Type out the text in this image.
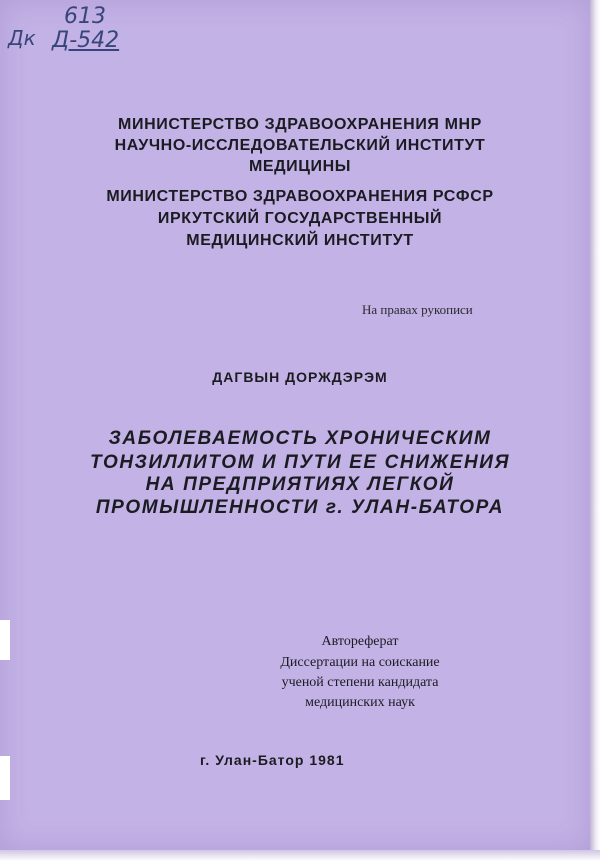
613
Дк Д-542
МИНИСТЕРСТВО ЗДРАВООХРАНЕНИЯ МНР
НАУЧНО-ИССЛЕДОВАТЕЛЬСКИЙ ИНСТИТУТ
МЕДИЦИНЫ
МИНИСТЕРСТВО ЗДРАВООХРАНЕНИЯ РСФСР
ИРКУТСКИЙ ГОСУДАРСТВЕННЫЙ
МЕДИЦИНСКИЙ ИНСТИТУТ
На правах рукописи
ДАГВЫН ДОРЖДЭРЭМ
ЗАБОЛЕВАЕМОСТЬ ХРОНИЧЕСКИМ
ТОНЗИЛЛИТОМ И ПУТИ ЕЕ СНИЖЕНИЯ
НА ПРЕДПРИЯТИЯХ ЛЕГКОЙ
ПРОМЫШЛЕННОСТИ г. УЛАН-БАТОРА
Автореферат
Диссертации на соискание
ученой степени кандидата
медицинских наук
г. Улан-Батор 1981
